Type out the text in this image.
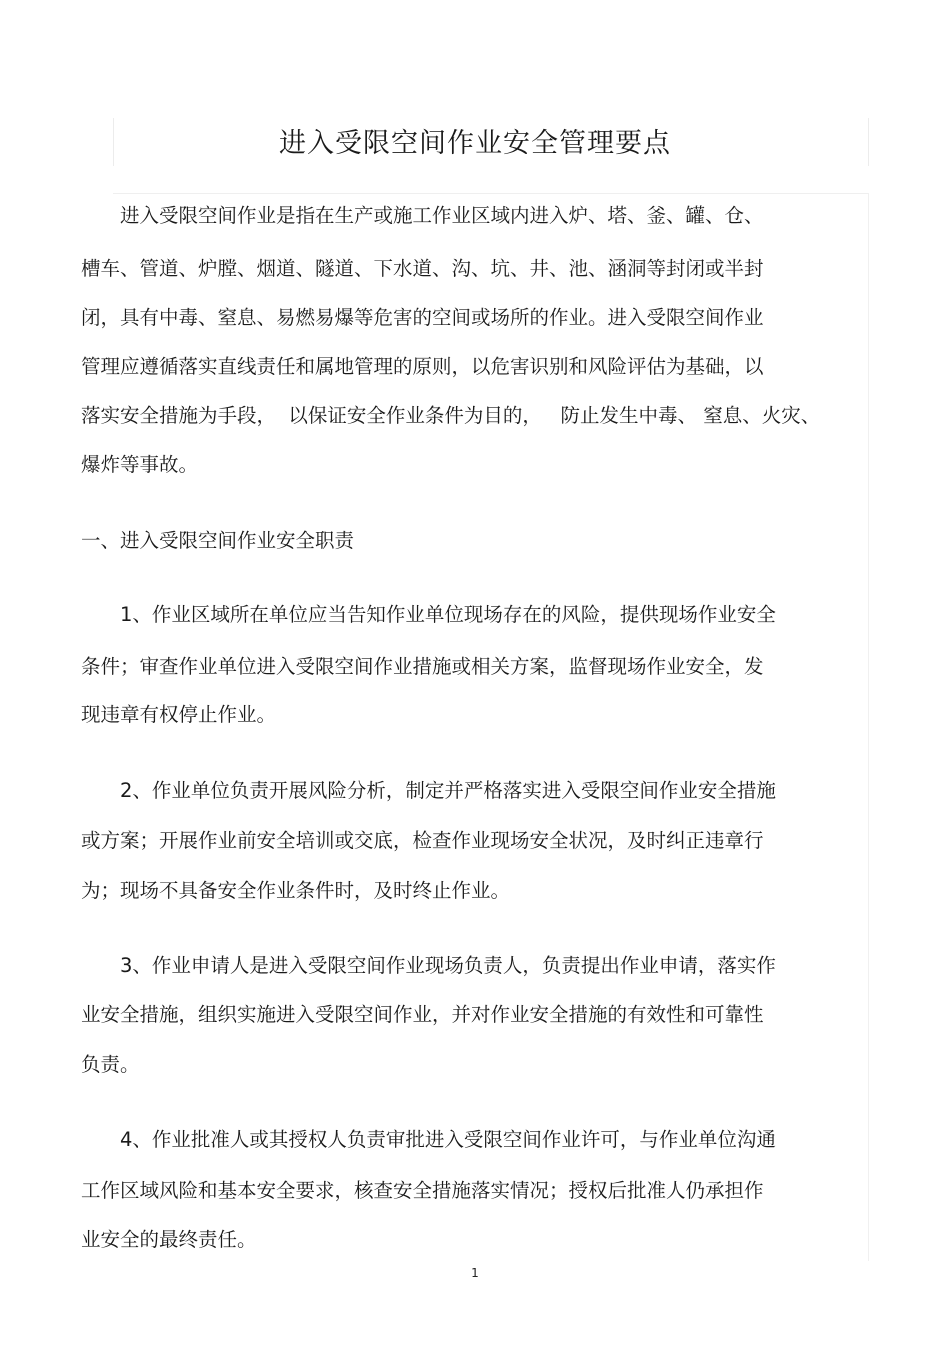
进入受限空间作业安全管理要点
　　进入受限空间作业是指在生产或施工作业区域内进入炉、塔、釜、罐、仓、
槽车、管道、炉膛、烟道、隧道、下水道、沟、坑、井、池、涵洞等封闭或半封
闭，具有中毒、窒息、易燃易爆等危害的空间或场所的作业。进入受限空间作业
管理应遵循落实直线责任和属地管理的原则，以危害识别和风险评估为基础，以
落实安全措施为手段，  以保证安全作业条件为目的，   防止发生中毒、 窒息、火灾、
爆炸等事故。
一、进入受限空间作业安全职责
　　1、作业区域所在单位应当告知作业单位现场存在的风险，提供现场作业安全
条件；审查作业单位进入受限空间作业措施或相关方案，监督现场作业安全，发
现违章有权停止作业。
　　2、作业单位负责开展风险分析，制定并严格落实进入受限空间作业安全措施
或方案；开展作业前安全培训或交底，检查作业现场安全状况，及时纠正违章行
为；现场不具备安全作业条件时，及时终止作业。
　　3、作业申请人是进入受限空间作业现场负责人，负责提出作业申请，落实作
业安全措施，组织实施进入受限空间作业，并对作业安全措施的有效性和可靠性
负责。
　　4、作业批准人或其授权人负责审批进入受限空间作业许可，与作业单位沟通
工作区域风险和基本安全要求，核查安全措施落实情况；授权后批准人仍承担作
业安全的最终责任。
1
